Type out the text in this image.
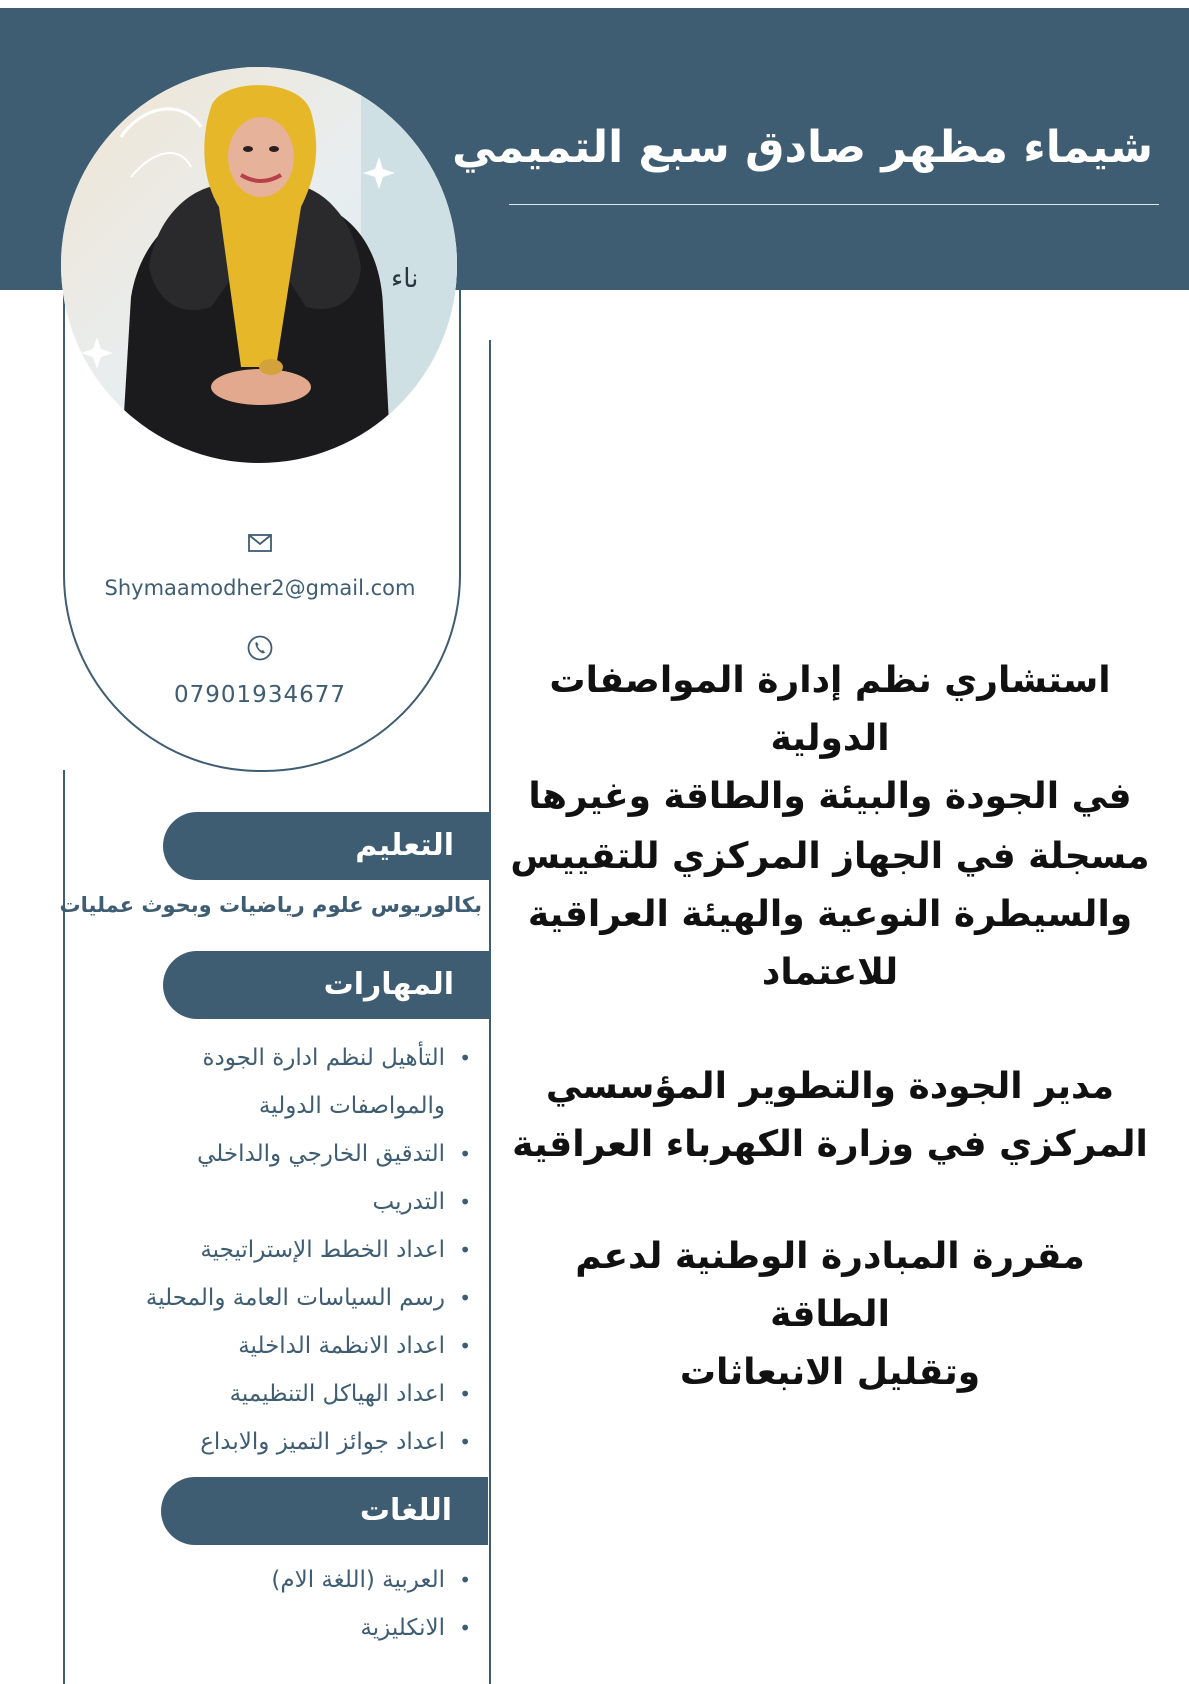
شيماء مظهر صادق سبع التميمي
ناء
Shymaamodher2@gmail.com
07901934677
التعليم
بكالوريوس علوم رياضيات وبحوث عمليات
المهارات
•
التأهيل لنظم ادارة الجودة
والمواصفات الدولية
•
التدقيق الخارجي والداخلي
•
التدريب
•
اعداد الخطط الإستراتيجية
•
رسم السياسات العامة والمحلية
•
اعداد الانظمة الداخلية
•
اعداد الهياكل التنظيمية
•
اعداد جوائز التميز والابداع
اللغات
•
العربية (اللغة الام)
•
الانكليزية
استشاري نظم إدارة المواصفات الدولية
في الجودة والبيئة والطاقة وغيرها
مسجلة في الجهاز المركزي للتقييس
والسيطرة النوعية والهيئة العراقية
للاعتماد
مدير الجودة والتطوير المؤسسي
المركزي في وزارة الكهرباء العراقية
مقررة المبادرة الوطنية لدعم الطاقة
وتقليل الانبعاثات
